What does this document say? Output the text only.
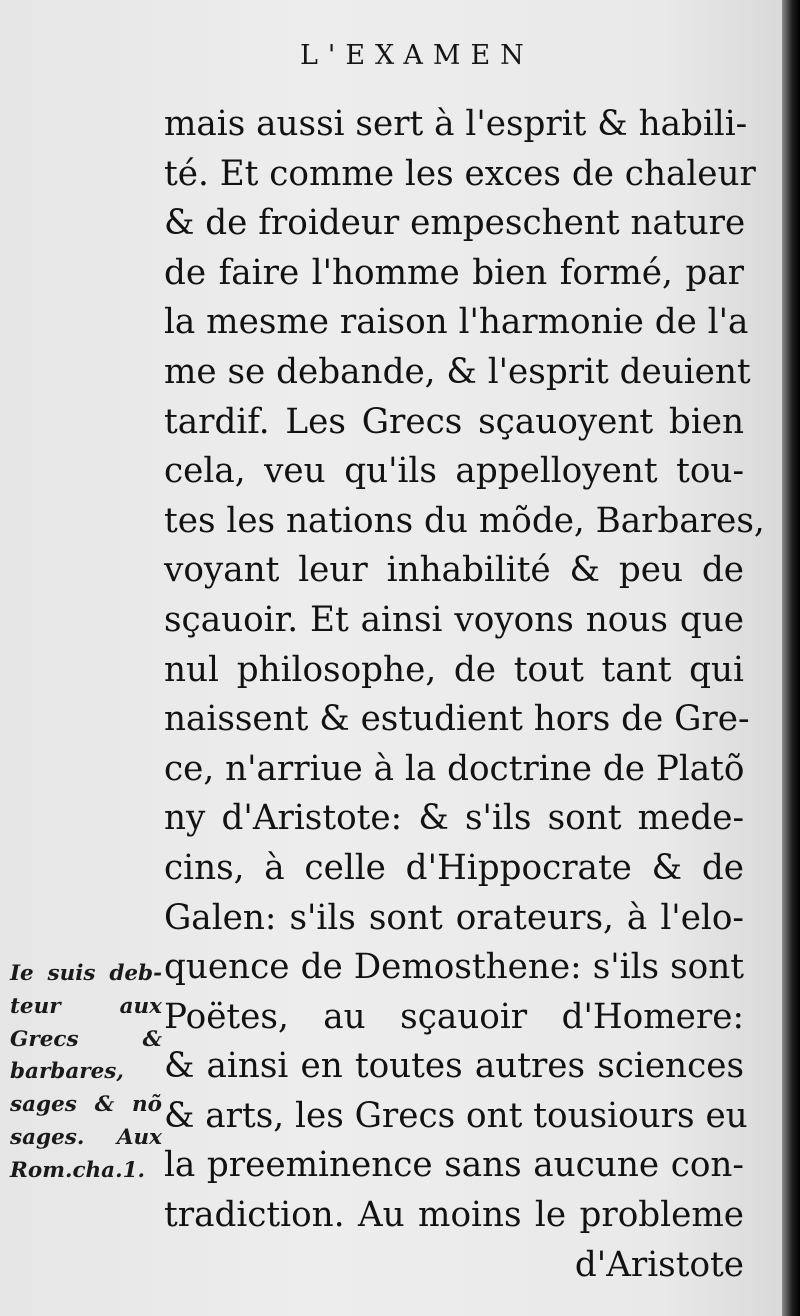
L'EXAMEN
mais aussi sert à l'esprit & habili-
té. Et comme les exces de chaleur
& de froideur empeschent nature
de faire l'homme bien formé, par
la mesme raison l'harmonie de l'a
me se debande, & l'esprit deuient
tardif. Les Grecs sçauoyent bien
cela, veu qu'ils appelloyent tou-
tes les nations du mõde, Barbares,
voyant leur inhabilité & peu de
sçauoir. Et ainsi voyons nous que
nul philosophe, de tout tant qui
naissent & estudient hors de Gre-
ce, n'arriue à la doctrine de Platõ
ny d'Aristote: & s'ils sont mede-
cins, à celle d'Hippocrate & de
Galen: s'ils sont orateurs, à l'elo-
quence de Demosthene: s'ils sont
Poëtes, au sçauoir d'Homere:
& ainsi en toutes autres sciences
& arts, les Grecs ont tousiours eu
la preeminence sans aucune con-
tradiction. Au moins le probleme
d'Aristote
Ie suis deb-
teur aux
Grecs &
barbares,
sages & nõ
sages. Aux
Rom.cha.1.
